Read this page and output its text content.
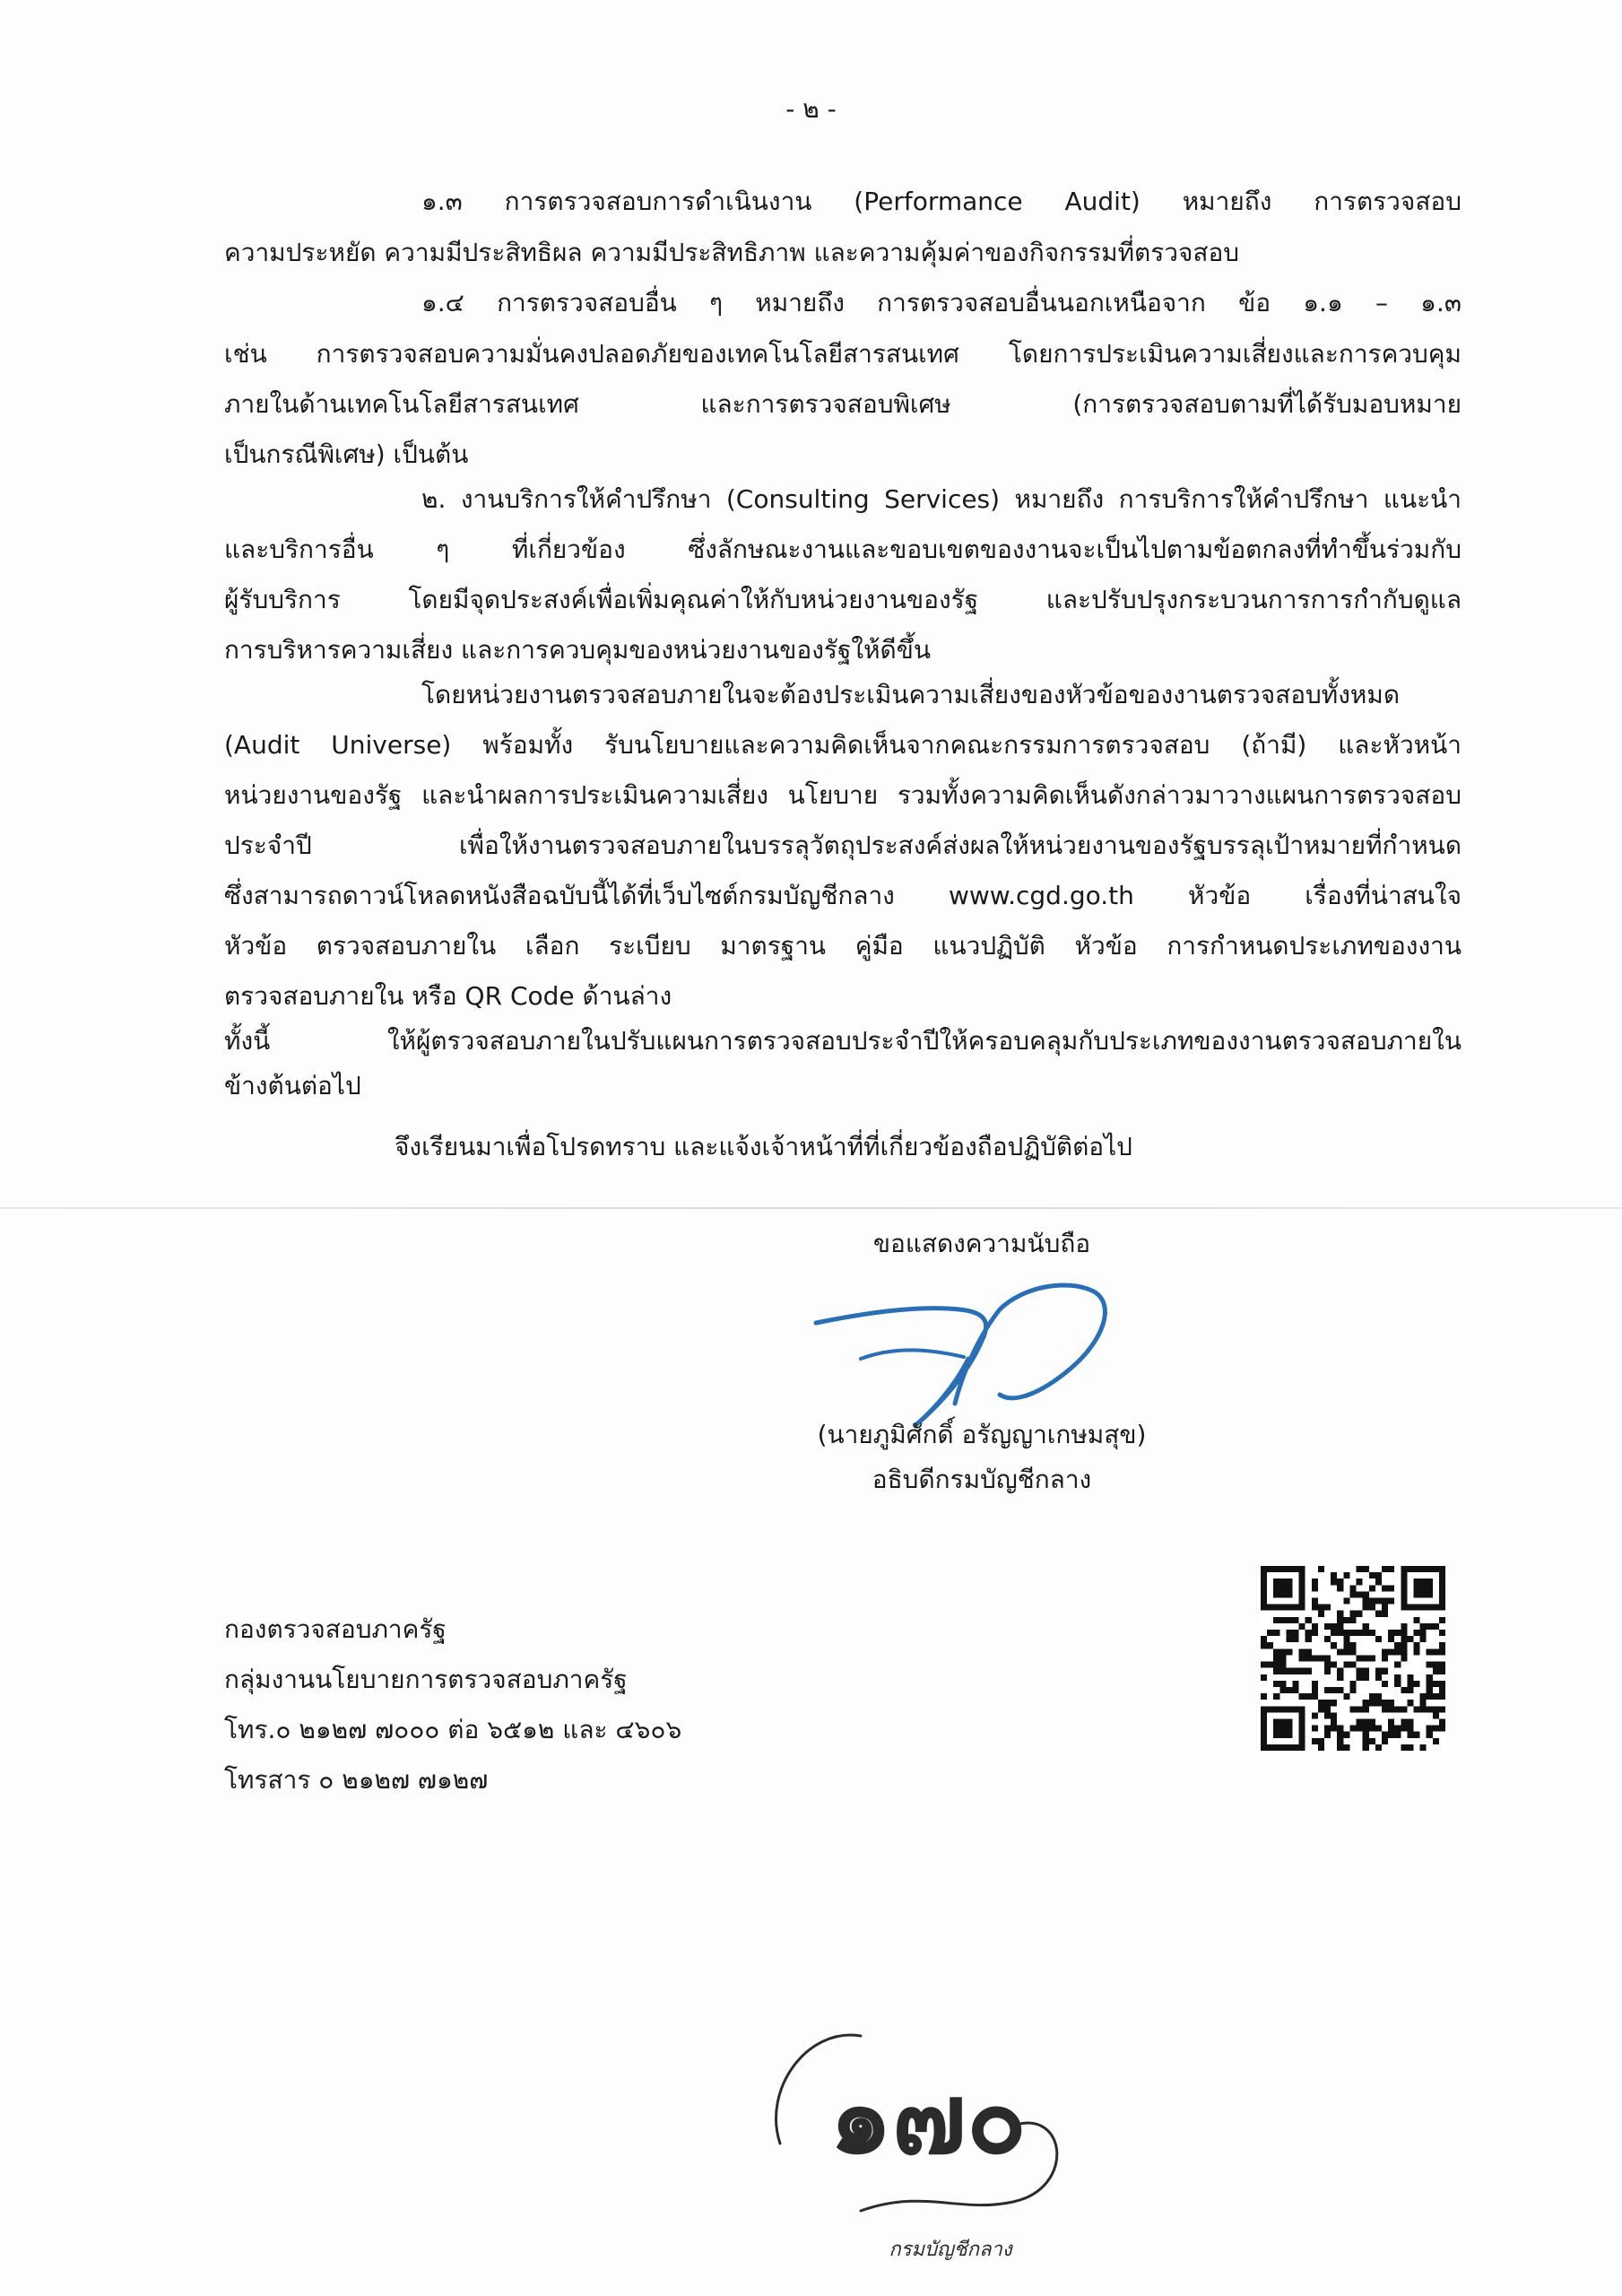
- ๒ -
๑.๓ การตรวจสอบการดำเนินงาน (Performance Audit) หมายถึง การตรวจสอบ
ความประหยัด ความมีประสิทธิผล ความมีประสิทธิภาพ และความคุ้มค่าของกิจกรรมที่ตรวจสอบ
๑.๔ การตรวจสอบอื่น ๆ หมายถึง การตรวจสอบอื่นนอกเหนือจาก ข้อ ๑.๑ – ๑.๓
เช่น การตรวจสอบความมั่นคงปลอดภัยของเทคโนโลยีสารสนเทศ โดยการประเมินความเสี่ยงและการควบคุม
ภายในด้านเทคโนโลยีสารสนเทศ และการตรวจสอบพิเศษ (การตรวจสอบตามที่ได้รับมอบหมาย
เป็นกรณีพิเศษ) เป็นต้น
๒. งานบริการให้คำปรึกษา (Consulting Services) หมายถึง การบริการให้คำปรึกษา แนะนำ
และบริการอื่น ๆ ที่เกี่ยวข้อง ซึ่งลักษณะงานและขอบเขตของงานจะเป็นไปตามข้อตกลงที่ทำขึ้นร่วมกับ
ผู้รับบริการ โดยมีจุดประสงค์เพื่อเพิ่มคุณค่าให้กับหน่วยงานของรัฐ และปรับปรุงกระบวนการการกำกับดูแล
การบริหารความเสี่ยง และการควบคุมของหน่วยงานของรัฐให้ดีขึ้น
โดยหน่วยงานตรวจสอบภายในจะต้องประเมินความเสี่ยงของหัวข้อของงานตรวจสอบทั้งหมด
(Audit Universe) พร้อมทั้ง รับนโยบายและความคิดเห็นจากคณะกรรมการตรวจสอบ (ถ้ามี) และหัวหน้า
หน่วยงานของรัฐ และนำผลการประเมินความเสี่ยง นโยบาย รวมทั้งความคิดเห็นดังกล่าวมาวางแผนการตรวจสอบ
ประจำปี เพื่อให้งานตรวจสอบภายในบรรลุวัตถุประสงค์ส่งผลให้หน่วยงานของรัฐบรรลุเป้าหมายที่กำหนด
ซึ่งสามารถดาวน์โหลดหนังสือฉบับนี้ได้ที่เว็บไซต์กรมบัญชีกลาง www.cgd.go.th หัวข้อ เรื่องที่น่าสนใจ
หัวข้อ ตรวจสอบภายใน เลือก ระเบียบ มาตรฐาน คู่มือ แนวปฏิบัติ หัวข้อ การกำหนดประเภทของงาน
ตรวจสอบภายใน หรือ QR Code ด้านล่าง
ทั้งนี้ ให้ผู้ตรวจสอบภายในปรับแผนการตรวจสอบประจำปีให้ครอบคลุมกับประเภทของงานตรวจสอบภายใน
ข้างต้นต่อไป
จึงเรียนมาเพื่อโปรดทราบ และแจ้งเจ้าหน้าที่ที่เกี่ยวข้องถือปฏิบัติต่อไป
ขอแสดงความนับถือ
(นายภูมิศักดิ์ อรัญญาเกษมสุข)
อธิบดีกรมบัญชีกลาง
กองตรวจสอบภาครัฐ
กลุ่มงานนโยบายการตรวจสอบภาครัฐ
โทร.๐ ๒๑๒๗ ๗๐๐๐ ต่อ ๖๕๑๒ และ ๔๖๐๖
โทรสาร ๐ ๒๑๒๗ ๗๑๒๗
๑๗๐
กรมบัญชีกลาง
